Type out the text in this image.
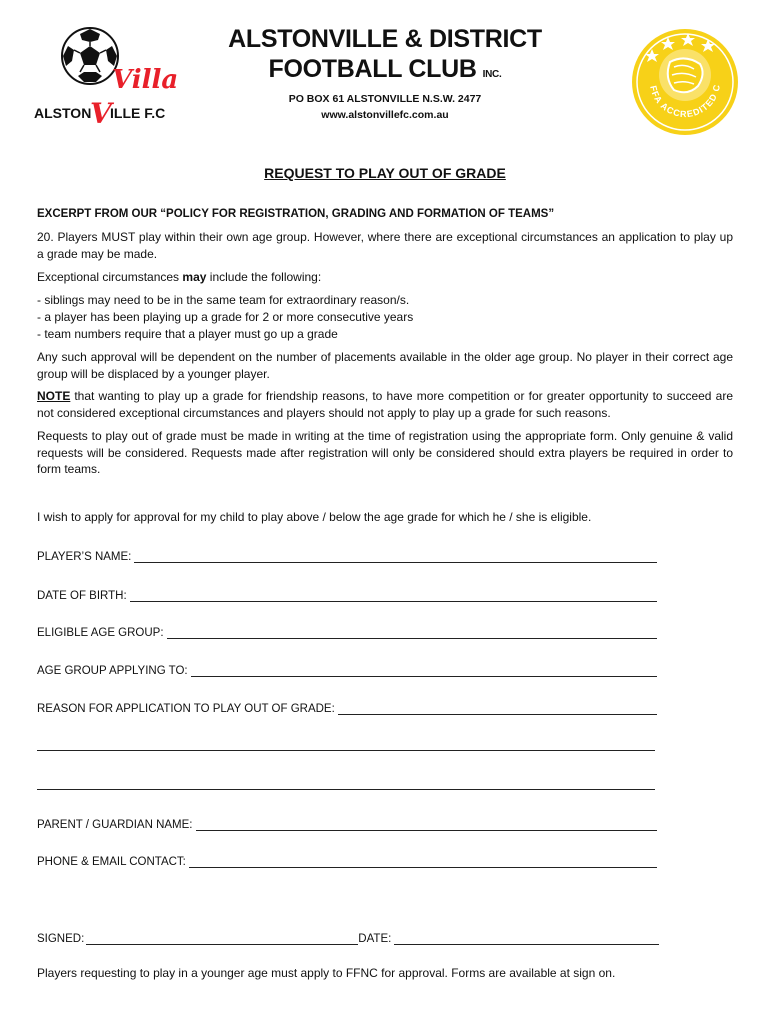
Villa
ALSTON
V
ILLE F.C
ALSTONVILLE & DISTRICT
FOOTBALL CLUB INC.
PO BOX 61 ALSTONVILLE N.S.W. 2477
www.alstonvillefc.com.au
FFA ACCREDITED C
REQUEST TO PLAY OUT OF GRADE
EXCERPT FROM OUR “POLICY FOR REGISTRATION, GRADING AND FORMATION OF TEAMS”
20. Players MUST play within their own age group. However, where there are exceptional circumstances an application to play up a grade may be made.
Exceptional circumstances may include the following:
- siblings may need to be in the same team for extraordinary reason/s.
- a player has been playing up a grade for 2 or more consecutive years
- team numbers require that a player must go up a grade
Any such approval will be dependent on the number of placements available in the older age group. No player in their correct age group will be displaced by a younger player.
NOTE that wanting to play up a grade for friendship reasons, to have more competition or for greater opportunity to succeed are not considered exceptional circumstances and players should not apply to play up a grade for such reasons.
Requests to play out of grade must be made in writing at the time of registration using the appropriate form. Only genuine & valid requests will be considered. Requests made after registration will only be considered should extra players be required in order to form teams.
I wish to apply for approval for my child to play above / below the age grade for which he / she is eligible.
PLAYER’S NAME:
DATE OF BIRTH:
ELIGIBLE AGE GROUP:
AGE GROUP APPLYING TO:
REASON FOR APPLICATION TO PLAY OUT OF GRADE:
PARENT / GUARDIAN NAME:
PHONE & EMAIL CONTACT:
SIGNED:	DATE:
Players requesting to play in a younger age must apply to FFNC for approval. Forms are available at sign on.
